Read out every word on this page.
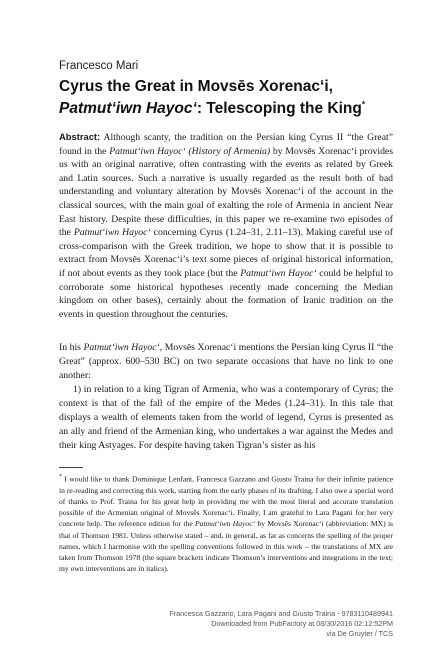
Francesco Mari
Cyrus the Great in Movsēs Xorenac‘i,
Patmut‘iwn Hayoc‘: Telescoping the King*

Abstract: Although scanty, the tradition on the Persian king Cyrus II “the Great” found in the Patmut‘iwn Hayoc‘ (History of Armenia) by Movsēs Xorenac‘i provides us with an original narrative, often contrasting with the events as related by Greek and Latin sources. Such a narrative is usually regarded as the result both of bad understanding and voluntary alteration by Movsēs Xorenac‘i of the account in the classical sources, with the main goal of exalting the role of Armenia in ancient Near East history. Despite these difficulties, in this paper we re-examine two episodes of the Patmut‘iwn Hayoc‘ concerning Cyrus (1.24–31, 2.11–13). Making careful use of cross-comparison with the Greek tradition, we hope to show that it is possible to extract from Movsēs Xorenac‘i’s text some pieces of original historical information, if not about events as they took place (but the Patmut‘iwn Hayoc‘ could be helpful to corroborate some historical hypotheses recently made concerning the Median kingdom on other bases), certainly about the formation of Iranic tradition on the events in question throughout the centuries.

In his Patmut‘iwn Hayoc‘, Movsēs Xorenac‘i mentions the Persian king Cyrus II “the Great” (approx. 600–530 BC) on two separate occasions that have no link to one another:

1) in relation to a king Tigran of Armenia, who was a contemporary of Cyrus; the context is that of the fall of the empire of the Medes (1.24–31). In this tale that displays a wealth of elements taken from the world of legend, Cyrus is presented as an ally and friend of the Armenian king, who undertakes a war against the Medes and their king Astyages. For despite having taken Tigran’s sister as his

* I would like to thank Dominique Lenfant, Francesca Gazzano and Giusto Traina for their infinite patience in re-reading and correcting this work, starting from the early phases of its drafting. I also owe a special word of thanks to Prof. Traina for his great help in providing me with the most literal and accurate translation possible of the Armenian original of Movsēs Xorenac‘i. Finally, I am grateful to Lara Pagani for her very concrete help. The reference edition for the Patmut‘iwn Hayoc‘ by Movsēs Xorenac‘i (abbreviation: MX) is that of Thomson 1981. Unless otherwise stated – and, in general, as far as concerns the spelling of the proper names, which I harmonise with the spelling conventions followed in this work – the translations of MX are taken from Thomson 1978 (the square brackets indicate Thomson’s interventions and integrations in the text; my own interventions are in italics).

Francesca Gazzano, Lara Pagani and Giusto Traina - 9783110489941
Downloaded from PubFactory at 08/30/2016 02:12:52PM
via De Gruyter / TCS
